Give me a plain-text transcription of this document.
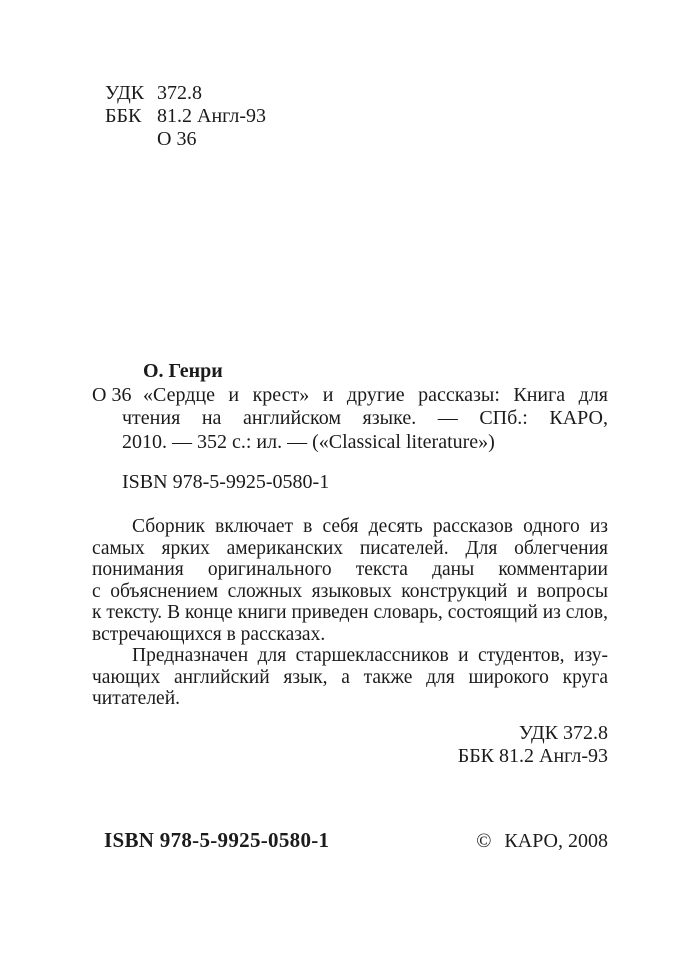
УДК 372.8
ББК 81.2 Англ-93
О 36
О. Генри
О 36 «Сердце и крест» и другие рассказы: Книга для
чтения на английском языке. — СПб.: КАРО,
2010. — 352 с.: ил. — («Classical literature»)
ISBN 978-5-9925-0580-1
Сборник включает в себя десять рассказов одного из
самых ярких американских писателей. Для облегчения
понимания оригинального текста даны комментарии
с объяснением сложных языковых конструкций и вопросы
к тексту. В конце книги приведен словарь, состоящий из слов,
встречающихся в рассказах.
Предназначен для старшеклассников и студентов, изу-
чающих английский язык, а также для широкого круга
читателей.
УДК 372.8
ББК 81.2 Англ-93
ISBN 978-5-9925-0580-1	© КАРО, 2008
